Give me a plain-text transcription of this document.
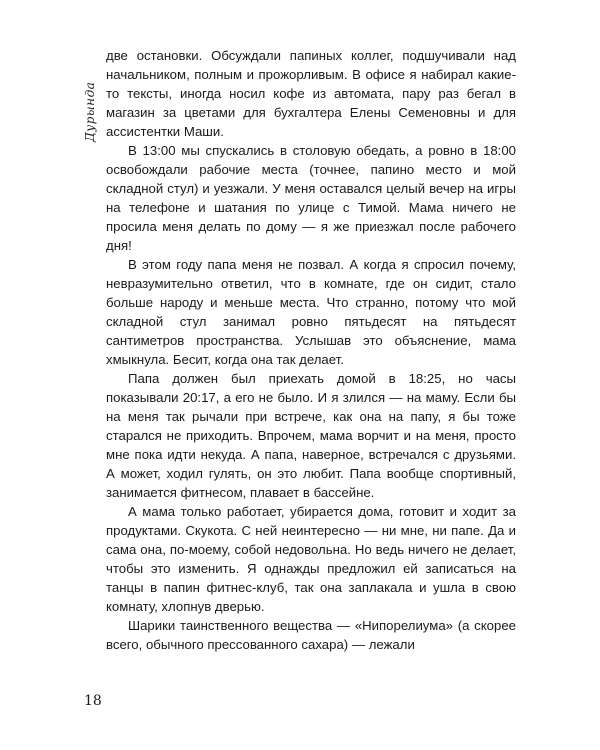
Дурында

две остановки. Обсуждали папиных коллег, подшучивали над начальником, полным и прожорливым. В офисе я набирал какие-то тексты, иногда носил кофе из автомата, пару раз бегал в магазин за цветами для бухгалтера Елены Семеновны и для ассистентки Маши.

В 13:00 мы спускались в столовую обедать, а ровно в 18:00 освобождали рабочие места (точнее, папино место и мой складной стул) и уезжали. У меня оставался целый вечер на игры на телефоне и шатания по улице с Тимой. Мама ничего не просила меня делать по дому — я же приезжал после рабочего дня!

В этом году папа меня не позвал. А когда я спросил почему, невразумительно ответил, что в комнате, где он сидит, стало больше народу и меньше места. Что странно, потому что мой складной стул занимал ровно пятьдесят на пятьдесят сантиметров пространства. Услышав это объяснение, мама хмыкнула. Бесит, когда она так делает.

Папа должен был приехать домой в 18:25, но часы показывали 20:17, а его не было. И я злился — на маму. Если бы на меня так рычали при встрече, как она на папу, я бы тоже старался не приходить. Впрочем, мама ворчит и на меня, просто мне пока идти некуда. А папа, наверное, встречался с друзьями. А может, ходил гулять, он это любит. Папа вообще спортивный, занимается фитнесом, плавает в бассейне.

А мама только работает, убирается дома, готовит и ходит за продуктами. Скукота. С ней неинтересно — ни мне, ни папе. Да и сама она, по-моему, собой недовольна. Но ведь ничего не делает, чтобы это изменить. Я однажды предложил ей записаться на танцы в папин фитнес-клуб, так она заплакала и ушла в свою комнату, хлопнув дверью.

Шарики таинственного вещества — «Нипорелиума» (а скорее всего, обычного прессованного сахара) — лежали

18
